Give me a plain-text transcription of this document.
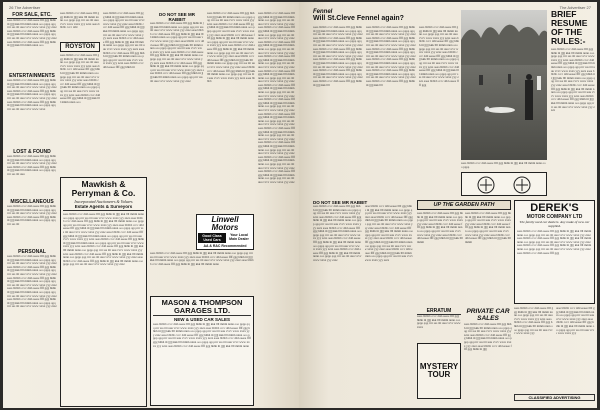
26 The Advertiser
FOR SALE, ETC.
aaaa bbbbb cccc ddd eeeee ffff ggg hhhh iii jjjjj kkk llll mmm nnnn ooo pppp qqq rrrr sss tttt uuu vvvv www xxxx yyy zzzz aaaa bbbbb cccc ddd eeeee ffff ggg hhhh iii jjjjj kkk llll mmm nnnn ooo pppp qqq rrrr sss tttt uuu vvvv www xxxx yyy zzzz aaaa bbbbb cccc ddd eeeee ffff ggg hhhh iii jjjjj kkk llll mmm nnnn ooo
ENTERTAINMENTS
aaaa bbbbb cccc ddd eeeee ffff ggg hhhh iii jjjjj kkk llll mmm nnnn ooo pppp qqq rrrr sss tttt uuu vvvv www xxxx yyy zzzz aaaa bbbbb cccc ddd eeeee ffff ggg hhhh iii jjjjj kkk llll mmm nnnn ooo pppp qqq rrrr sss tttt uuu vvvv www xxxx yyy zzzz aaaa bbbbb cccc ddd eeeee ffff ggg hhhh iii jjjjj kkk llll mmm nnnn ooo pppp qqq rrrr sss tttt uuu vvvv www xxxx
LOST & FOUND
aaaa bbbbb cccc ddd eeeee ffff ggg hhhh iii jjjjj kkk llll mmm nnnn ooo pppp qqq rrrr sss tttt uuu vvvv www xxxx yyy zzzz aaaa bbbbb cccc ddd eeeee ffff ggg hhhh iii jjjjj kkk llll mmm nnnn ooo pppp qqq rrrr sss tttt uuu
MISCELLANEOUS
aaaa bbbbb cccc ddd eeeee ffff ggg hhhh iii jjjjj kkk llll mmm nnnn ooo pppp qqq rrrr sss tttt uuu vvvv www xxxx yyy zzzz aaaa bbbbb cccc ddd eeeee ffff ggg hhhh iii jjjjj kkk llll mmm nnnn ooo pppp qqq rrrr sss tttt
PERSONAL
aaaa bbbbb cccc ddd eeeee ffff ggg hhhh iii jjjjj kkk llll mmm nnnn ooo pppp qqq rrrr sss tttt uuu vvvv www xxxx yyy zzzz aaaa bbbbb cccc ddd eeeee ffff ggg hhhh iii jjjjj kkk llll mmm nnnn ooo pppp qqq rrrr sss tttt uuu vvvv www xxxx yyy zzzz aaaa bbbbb cccc ddd eeeee ffff ggg hhhh iii jjjjj kkk llll mmm nnnn ooo pppp qqq rrrr sss tttt uuu vvvv www xxxx yyy zzzz aaaa bbbbb cccc ddd eeeee ffff ggg hhhh iii jjjjj kkk llll mmm nnnn ooo pppp qqq rrrr sss tttt uuu vvvv www xxxx yyy zzzz aaaa bbbbb cccc ddd eeeee ffff ggg hhhh iii jjjjj kkk llll mmm nnnn ooo pppp qqq rrrr sss tttt uuu vvvv www xxxx yyy zzzz
aaaa bbbbb cccc ddd eeeee ffff ggg hhhh iii jjjjj kkk llll mmm nnnn ooo pppp qqq rrrr sss tttt uuu vvvv www xxxx yyy zzzz aaaa bbbbb cccc ddd
ROYSTON
aaaa bbbbb cccc ddd eeeee ffff ggg hhhh iii jjjjj kkk llll mmm nnnn ooo pppp qqq rrrr sss tttt uuu vvvv www xxxx yyy zzzz aaaa bbbbb cccc ddd eeeee ffff ggg hhhh iii jjjjj kkk llll mmm nnnn ooo pppp qqq rrrr sss tttt uuu vvvv www xxxx yyy zzzz aaaa bbbbb cccc ddd eeeee ffff ggg hhhh iii jjjjj kkk llll mmm nnnn ooo pppp qqq rrrr sss tttt uuu vvvv www xxxx yyy zzzz aaaa bbbbb cccc ddd eeeee ffff ggg hhhh iii jjjjj kkk llll mmm nnnn ooo
aaaa bbbbb cccc ddd eeeee ffff ggg hhhh iii jjjjj kkk llll mmm nnnn ooo pppp qqq rrrr sss tttt uuu vvvv www xxxx yyy zzzz aaaa bbbbb cccc ddd eeeee ffff ggg hhhh iii jjjjj kkk llll mmm nnnn ooo pppp qqq rrrr sss tttt uuu vvvv www xxxx yyy zzzz aaaa bbbbb cccc ddd eeeee ffff ggg hhhh iii jjjjj kkk llll mmm nnnn ooo pppp qqq rrrr sss tttt uuu vvvv www xxxx yyy zzzz aaaa bbbbb cccc ddd eeeee ffff ggg hhhh iii jjjjj kkk llll mmm nnnn ooo pppp qqq rrrr sss tttt uuu vvvv www xxxx yyy zzzz aaaa bbbbb cccc ddd eeeee ffff ggg hhhh iii
Mawkish & Perryman & Co.
Incorporated Auctioneers & Valuers
Estate Agents & Surveyors
aaaa bbbbb cccc ddd eeeee ffff ggg hhhh iii jjjjj kkk llll mmm nnnn ooo pppp qqq rrrr sss tttt uuu vvvv www xxxx yyy zzzz aaaa bbbbb cccc ddd eeeee ffff ggg hhhh iii jjjjj kkk llll mmm nnnn ooo pppp qqq rrrr sss tttt uuu vvvv www xxxx yyy zzzz aaaa bbbbb cccc ddd eeeee ffff ggg hhhh iii jjjjj kkk llll mmm nnnn ooo pppp qqq rrrr sss tttt uuu vvvv www xxxx yyy zzzz aaaa bbbbb cccc ddd eeeee ffff ggg hhhh iii jjjjj kkk llll mmm nnnn ooo pppp qqq rrrr sss tttt uuu vvvv www xxxx yyy zzzz aaaa bbbbb cccc ddd eeeee ffff ggg hhhh iii jjjjj kkk llll mmm nnnn ooo pppp qqq rrrr sss tttt uuu vvvv www xxxx yyy zzzz aaaa bbbbb cccc ddd eeeee ffff ggg hhhh iii jjjjj kkk llll mmm nnnn ooo pppp qqq rrrr sss tttt uuu vvvv www xxxx yyy zzzz aaaa bbbbb cccc ddd eeeee ffff ggg hhhh iii jjjjj kkk llll mmm nnnn ooo pppp qqq rrrr sss tttt uuu vvvv www xxxx yyy zzzz aaaa bbbbb cccc ddd eeeee ffff ggg hhhh iii jjjjj kkk llll mmm nnnn ooo pppp qqq rrrr sss tttt uuu vvvv www xxxx yyy zzzz
DO NOT SEE MR RABBIT
aaaa bbbbb cccc ddd eeeee ffff ggg hhhh iii jjjjj kkk llll mmm nnnn ooo pppp qqq rrrr sss tttt uuu vvvv www xxxx yyy zzzz aaaa bbbbb cccc ddd eeeee ffff ggg hhhh iii jjjjj kkk llll mmm nnnn ooo pppp qqq rrrr sss tttt uuu vvvv www xxxx yyy zzzz aaaa bbbbb cccc ddd eeeee ffff ggg hhhh iii jjjjj kkk llll mmm nnnn ooo pppp qqq rrrr sss tttt uuu vvvv www xxxx yyy zzzz aaaa bbbbb cccc ddd eeeee ffff ggg hhhh iii jjjjj kkk llll mmm nnnn ooo pppp qqq rrrr sss tttt uuu vvvv www xxxx yyy zzzz aaaa bbbbb cccc ddd eeeee ffff ggg hhhh iii jjjjj kkk llll mmm nnnn ooo pppp qqq rrrr sss tttt uuu vvvv www xxxx yyy zzzz aaaa bbbbb cccc ddd eeeee ffff ggg hhhh iii jjjjj kkk llll mmm nnnn ooo pppp qqq rrrr sss tttt uuu vvvv www xxxx yyy zzzz
aaaa bbbbb cccc ddd eeeee ffff ggg hhhh iii jjjjj kkk llll mmm nnnn ooo pppp qqq rrrr sss tttt uuu vvvv www xxxx yyy zzzz aaaa bbbbb cccc ddd eeeee ffff ggg hhhh iii jjjjj kkk llll mmm nnnn ooo pppp qqq rrrr sss tttt uuu vvvv www xxxx yyy zzzz aaaa bbbbb cccc ddd eeeee ffff ggg hhhh iii jjjjj kkk llll mmm nnnn ooo pppp qqq rrrr sss tttt uuu vvvv www xxxx yyy zzzz aaaa bbbbb cccc ddd eeeee ffff ggg hhhh iii jjjjj kkk llll mmm nnnn ooo pppp qqq rrrr sss tttt uuu vvvv www xxxx yyy zzzz aaaa bbbbb cccc ddd eeeee ffff ggg hhhh iii jjjjj kkk llll mmm nnnn ooo pppp qqq rrrr sss tttt uuu vvvv www xxxx yyy zzzz aaaa bbbbb cccc ddd eeeee ffff ggg hhhh iii jjjjj kkk llll mmm nnnn ooo pppp qqq rrrr sss tttt uuu vvvv www xxxx yyy zzzz aaaa bbbbb
aaaa bbbbb cccc ddd eeeee ffff ggg hhhh iii jjjjj kkk llll mmm nnnn ooo pppp qqq rrrr sss tttt uuu vvvv www xxxx yyy zzzz aaaa bbbbb cccc ddd eeeee ffff ggg hhhh iii jjjjj kkk llll mmm nnnn ooo pppp qqq rrrr sss tttt uuu vvvv www xxxx yyy zzzz aaaa bbbbb cccc ddd eeeee ffff ggg hhhh iii jjjjj kkk llll mmm nnnn ooo pppp qqq rrrr sss tttt uuu vvvv www xxxx yyy zzzz aaaa bbbbb cccc ddd eeeee ffff ggg hhhh iii jjjjj kkk llll mmm nnnn ooo pppp qqq rrrr sss tttt uuu vvvv www xxxx yyy zzzz aaaa bbbbb cccc ddd eeeee ffff ggg hhhh iii jjjjj kkk llll mmm nnnn ooo pppp qqq rrrr sss tttt uuu vvvv www xxxx yyy zzzz aaaa bbbbb cccc ddd eeeee ffff ggg hhhh iii jjjjj kkk llll mmm nnnn ooo pppp qqq rrrr sss tttt uuu vvvv www xxxx yyy zzzz aaaa bbbbb cccc ddd eeeee ffff ggg hhhh iii jjjjj kkk llll mmm nnnn ooo pppp qqq rrrr sss tttt uuu vvvv www xxxx yyy zzzz aaaa bbbbb cccc ddd eeeee ffff ggg hhhh iii jjjjj kkk llll mmm nnnn ooo pppp qqq rrrr sss tttt uuu vvvv www xxxx yyy zzzz aaaa bbbbb cccc ddd eeeee ffff ggg hhhh iii jjjjj kkk llll mmm nnnn ooo pppp qqq rrrr sss tttt uuu vvvv www xxxx yyy zzzz aaaa bbbbb cccc ddd eeeee ffff ggg hhhh iii jjjjj kkk llll mmm nnnn ooo pppp qqq rrrr sss tttt uuu vvvv www xxxx yyy zzzz aaaa bbbbb cccc ddd eeeee ffff ggg hhhh iii jjjjj kkk llll mmm nnnn ooo pppp qqq rrrr sss tttt uuu vvvv www xxxx yyy zzzz aaaa bbbbb cccc ddd eeeee ffff ggg hhhh iii jjjjj kkk llll mmm nnnn ooo pppp qqq rrrr sss tttt uuu vvvv www xxxx yyy zzzz
Linwell Motors
Good Class Used Cars
Your Local Main Dealer
AA & RAC Recommended
aaaa bbbbb cccc ddd eeeee ffff ggg hhhh iii jjjjj kkk llll mmm nnnn ooo pppp qqq rrrr sss tttt uuu vvvv www xxxx yyy zzzz aaaa bbbbb cccc ddd eeeee ffff ggg hhhh iii jjjjj kkk llll mmm nnnn ooo pppp qqq rrrr sss tttt uuu vvvv www xxxx yyy zzzz aaaa bbbbb cccc ddd eeeee ffff ggg hhhh iii jjjjj kkk llll mmm nnnn
MASON & THOMPSON GARAGES LTD.
NEW & USED CAR SALES
aaaa bbbbb cccc ddd eeeee ffff ggg hhhh iii jjjjj kkk llll mmm nnnn ooo pppp qqq rrrr sss tttt uuu vvvv www xxxx yyy zzzz aaaa bbbbb cccc ddd eeeee ffff ggg hhhh iii jjjjj kkk llll mmm nnnn ooo pppp qqq rrrr sss tttt uuu vvvv www xxxx yyy zzzz aaaa bbbbb cccc ddd eeeee ffff ggg hhhh iii jjjjj kkk llll mmm nnnn ooo pppp qqq rrrr sss tttt uuu vvvv www xxxx yyy zzzz aaaa bbbbb cccc ddd eeeee ffff ggg hhhh iii jjjjj kkk llll mmm nnnn ooo pppp qqq rrrr sss tttt uuu vvvv www xxxx yyy zzzz aaaa bbbbb cccc ddd eeeee ffff ggg hhhh iii jjjjj kkk llll mmm nnnn
The Advertiser 27
Fennel
Will St.Cleve Fennel again?
aaaa bbbbb cccc ddd eeeee ffff ggg hhhh iii jjjjj kkk llll mmm nnnn ooo pppp qqq rrrr sss tttt uuu vvvv www xxxx yyy zzzz aaaa bbbbb cccc ddd eeeee ffff ggg hhhh iii jjjjj kkk llll mmm nnnn ooo pppp qqq rrrr sss tttt uuu vvvv www xxxx yyy zzzz aaaa bbbbb cccc ddd eeeee ffff ggg hhhh iii jjjjj kkk llll mmm nnnn ooo pppp qqq rrrr sss tttt uuu vvvv www xxxx yyy zzzz aaaa bbbbb cccc ddd eeeee ffff ggg hhhh iii jjjjj kkk llll mmm nnnn ooo pppp qqq rrrr sss tttt uuu vvvv www xxxx yyy zzzz aaaa bbbbb cccc ddd eeeee ffff ggg hhhh iii jjjjj kkk llll mmm nnnn ooo pppp qqq rrrr sss tttt uuu vvvv www xxxx yyy zzzz aaaa bbbbb cccc ddd eeeee ffff ggg hhhh iii jjjjj kkk llll
aaaa bbbbb cccc ddd eeeee ffff ggg hhhh iii jjjjj kkk llll mmm nnnn ooo pppp qqq rrrr sss tttt uuu vvvv www xxxx yyy zzzz aaaa bbbbb cccc ddd eeeee ffff ggg hhhh iii jjjjj kkk llll mmm nnnn ooo pppp qqq rrrr sss tttt uuu vvvv www xxxx yyy zzzz aaaa bbbbb cccc ddd eeeee ffff ggg hhhh iii jjjjj kkk llll mmm nnnn ooo pppp qqq rrrr sss tttt uuu vvvv www xxxx yyy zzzz aaaa bbbbb cccc ddd eeeee ffff ggg hhhh iii jjjjj kkk llll mmm nnnn ooo pppp qqq rrrr sss tttt uuu vvvv www xxxx yyy zzzz aaaa bbbbb cccc ddd eeeee ffff ggg hhhh iii jjjjj kkk llll mmm nnnn ooo pppp qqq rrrr sss tttt uuu vvvv www xxxx yyy zzzz aaaa bbbbb cccc ddd eeeee ffff ggg hhhh iii jjjjj kkk llll
aaaa bbbbb cccc ddd eeeee ffff ggg hhhh iii jjjjj kkk llll mmm nnnn ooo pppp qqq rrrr sss tttt uuu vvvv www xxxx yyy zzzz aaaa bbbbb cccc ddd eeeee ffff ggg hhhh iii jjjjj kkk llll mmm nnnn ooo pppp qqq rrrr sss tttt uuu vvvv www xxxx yyy zzzz aaaa bbbbb cccc ddd eeeee ffff ggg hhhh iii jjjjj kkk llll mmm nnnn ooo pppp qqq rrrr sss tttt uuu vvvv www xxxx yyy zzzz aaaa bbbbb cccc ddd eeeee ffff ggg hhhh iii jjjjj kkk llll mmm nnnn ooo pppp qqq rrrr sss tttt uuu vvvv www xxxx yyy zzzz aaaa bbbbb cccc ddd eeeee ffff ggg
aaaa bbbbb cccc ddd eeeee ffff ggg hhhh iii jjjjj kkk llll mmm nnnn ooo pppp
BRIEF RESUME OF THE RULES:-
aaaa bbbbb cccc ddd eeeee ffff ggg hhhh iii jjjjj kkk llll mmm nnnn ooo pppp qqq rrrr sss tttt uuu vvvv www xxxx yyy zzzz aaaa bbbbb cccc ddd eeeee ffff ggg hhhh iii jjjjj kkk llll mmm nnnn ooo pppp qqq rrrr sss tttt uuu vvvv www xxxx yyy zzzz aaaa bbbbb cccc ddd eeeee ffff ggg hhhh iii jjjjj kkk llll mmm nnnn ooo pppp qqq rrrr sss tttt uuu vvvv www xxxx yyy zzzz aaaa bbbbb cccc ddd eeeee ffff ggg hhhh iii jjjjj kkk llll mmm nnnn ooo pppp qqq rrrr sss tttt uuu vvvv www xxxx yyy zzzz aaaa bbbbb cccc ddd eeeee ffff ggg hhhh iii jjjjj kkk llll mmm nnnn ooo pppp qqq rrrr sss tttt uuu vvvv www xxxx yyy zzzz
DO NOT SEE MR RABBIT
aaaa bbbbb cccc ddd eeeee ffff ggg hhhh iii jjjjj kkk llll mmm nnnn ooo pppp qqq rrrr sss tttt uuu vvvv www xxxx yyy zzzz aaaa bbbbb cccc ddd eeeee ffff ggg hhhh iii jjjjj kkk llll mmm nnnn ooo pppp qqq rrrr sss tttt uuu vvvv www xxxx yyy zzzz aaaa bbbbb cccc ddd eeeee ffff ggg hhhh iii jjjjj kkk llll mmm nnnn ooo pppp qqq rrrr sss tttt uuu vvvv www xxxx yyy zzzz aaaa bbbbb cccc ddd eeeee ffff ggg hhhh iii jjjjj kkk llll mmm nnnn ooo pppp qqq rrrr sss tttt uuu vvvv www xxxx yyy zzzz aaaa bbbbb cccc ddd eeeee ffff ggg hhhh iii jjjjj kkk llll mmm nnnn ooo pppp qqq rrrr sss tttt uuu vvvv www xxxx yyy zzzz
aaaa bbbbb cccc ddd eeeee ffff ggg hhhh iii jjjjj kkk llll mmm nnnn ooo pppp qqq rrrr sss tttt uuu vvvv www xxxx yyy zzzz aaaa bbbbb cccc ddd eeeee ffff ggg hhhh iii jjjjj kkk llll mmm nnnn ooo pppp qqq rrrr sss tttt uuu vvvv www xxxx yyy zzzz aaaa bbbbb cccc ddd eeeee ffff ggg hhhh iii jjjjj kkk llll mmm nnnn ooo pppp qqq rrrr sss tttt uuu vvvv www xxxx yyy zzzz aaaa bbbbb cccc ddd eeeee ffff ggg hhhh iii jjjjj kkk llll mmm nnnn ooo pppp qqq rrrr sss tttt uuu vvvv www xxxx yyy zzzz aaaa bbbbb cccc ddd eeeee ffff ggg hhhh iii jjjjj kkk llll mmm nnnn ooo pppp qqq rrrr sss tttt uuu vvvv www xxxx yyy zzzz
UP THE GARDEN PATH
aaaa bbbbb cccc ddd eeeee ffff ggg hhhh iii jjjjj kkk llll mmm nnnn ooo pppp qqq rrrr sss tttt uuu vvvv www xxxx yyy zzzz aaaa bbbbb cccc ddd eeeee ffff ggg hhhh iii jjjjj kkk llll mmm nnnn ooo pppp qqq rrrr sss tttt uuu vvvv www xxxx yyy zzzz aaaa bbbbb cccc ddd eeeee ffff ggg hhhh iii jjjjj kkk llll mmm
aaaa bbbbb cccc ddd eeeee ffff ggg hhhh iii jjjjj kkk llll mmm nnnn ooo pppp qqq rrrr sss tttt uuu vvvv www xxxx yyy zzzz aaaa bbbbb cccc ddd eeeee ffff ggg hhhh iii jjjjj kkk llll mmm nnnn ooo pppp qqq rrrr sss tttt uuu vvvv www xxxx yyy zzzz aaaa bbbbb cccc ddd eeeee ffff ggg hhhh iii jjjjj kkk llll mmm
DEREK'S
MOTOR COMPANY LTD
The family used car dealers. Any make of new car supplied.
aaaa bbbbb cccc ddd eeeee ffff ggg hhhh iii jjjjj kkk llll mmm nnnn ooo pppp qqq rrrr sss tttt uuu vvvv www xxxx yyy zzzz aaaa bbbbb cccc ddd eeeee ffff ggg hhhh iii jjjjj kkk llll mmm nnnn ooo pppp qqq rrrr sss tttt uuu vvvv www xxxx yyy zzzz aaaa bbbbb cccc ddd eeeee ffff ggg hhhh iii jjjjj kkk llll mmm nnnn ooo pppp qqq rrrr sss tttt uuu vvvv www xxxx yyy zzzz aaaa bbbbb cccc ddd eeeee ffff ggg
ERRATUM
aaaa bbbbb cccc ddd eeeee ffff ggg hhhh iii jjjjj kkk llll mmm nnnn ooo pppp qqq rrrr sss tttt uuu vvvv www xxxx
MYSTERY TOUR
PRIVATE CAR SALES
aaaa bbbbb cccc ddd eeeee ffff ggg hhhh iii jjjjj kkk llll mmm nnnn ooo pppp qqq rrrr sss tttt uuu vvvv www xxxx yyy zzzz aaaa bbbbb cccc ddd eeeee ffff ggg hhhh iii jjjjj kkk llll mmm nnnn ooo pppp qqq rrrr sss tttt uuu vvvv www xxxx yyy zzzz aaaa bbbbb cccc ddd eeeee ffff ggg hhhh iii jjjjj
aaaa bbbbb cccc ddd eeeee ffff ggg hhhh iii jjjjj kkk llll mmm nnnn ooo pppp qqq rrrr sss tttt uuu vvvv www xxxx yyy zzzz aaaa bbbbb cccc ddd eeeee ffff ggg hhhh iii jjjjj kkk llll mmm nnnn ooo pppp qqq rrrr sss tttt uuu vvvv www xxxx yyy
aaaa bbbbb cccc ddd eeeee ffff ggg hhhh iii jjjjj kkk llll mmm nnnn ooo pppp qqq rrrr sss tttt uuu vvvv www xxxx yyy zzzz aaaa bbbbb cccc ddd eeeee ffff ggg hhhh iii jjjjj kkk llll mmm nnnn ooo pppp qqq rrrr sss tttt uuu vvvv www xxxx yyy
CLASSIFIED ADVERTISING
